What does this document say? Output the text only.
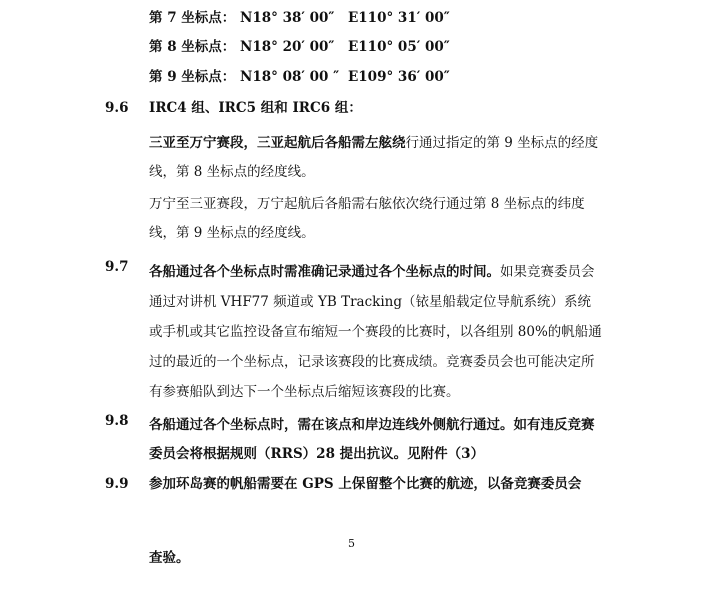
第 7 坐标点： N18° 38′ 00″ E110° 31′ 00″
第 8 坐标点： N18° 20′ 00″ E110° 05′ 00″
第 9 坐标点： N18° 08′ 00 ″ E109° 36′ 00″
9.6 IRC4 组、IRC5 组和 IRC6 组：
三亚至万宁赛段，三亚起航后各船需左舷绕行通过指定的第 9 坐标点的经度线，第 8 坐标点的经度线。
万宁至三亚赛段，万宁起航后各船需右舷依次绕行通过第 8 坐标点的纬度线，第 9 坐标点的经度线。
9.7 各船通过各个坐标点时需准确记录通过各个坐标点的时间。如果竞赛委员会通过对讲机 VHF77 频道或 YB Tracking（铱星船载定位导航系统）系统或手机或其它监控设备宣布缩短一个赛段的比赛时，以各组别 80%的帆船通过的最近的一个坐标点，记录该赛段的比赛成绩。竞赛委员会也可能决定所有参赛船队到达下一个坐标点后缩短该赛段的比赛。
9.8 各船通过各个坐标点时，需在该点和岸边连线外侧航行通过。如有违反竞赛委员会将根据规则（RRS）28 提出抗议。见附件（3）
9.9 参加环岛赛的帆船需要在 GPS 上保留整个比赛的航迹，以备竞赛委员会
5
查验。
